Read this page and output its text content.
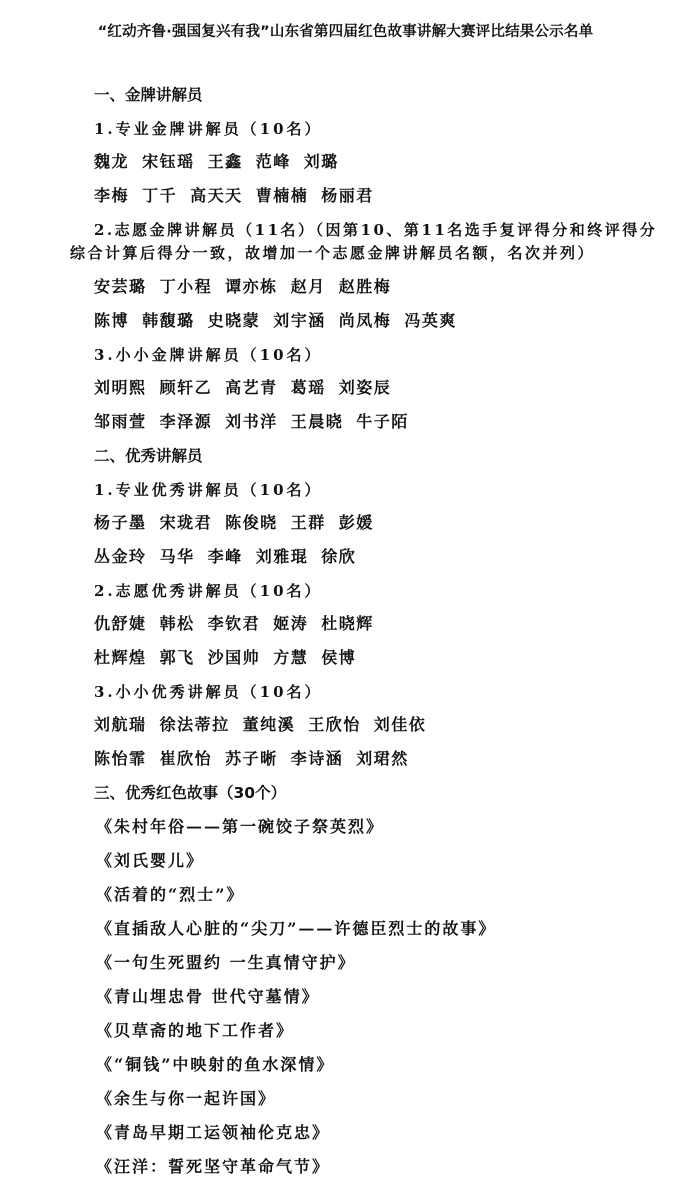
“红动齐鲁·强国复兴有我”山东省第四届红色故事讲解大赛评比结果公示名单
一、金牌讲解员
1.专业金牌讲解员（10名）
魏龙 宋钰瑶 王鑫 范峰 刘璐
李梅 丁千 高天天 曹楠楠 杨丽君
2.志愿金牌讲解员（11名）（因第10、第11名选手复评得分和终评得分综合计算后得分一致，故增加一个志愿金牌讲解员名额，名次并列）
安芸璐 丁小程 谭亦栋 赵月 赵胜梅
陈博 韩馥璐 史晓蒙 刘宇涵 尚凤梅 冯英爽
3.小小金牌讲解员（10名）
刘明熙 顾轩乙 高艺青 葛瑶 刘姿辰
邹雨萱 李泽源 刘书洋 王晨晓 牛子陌
二、优秀讲解员
1.专业优秀讲解员（10名）
杨子墨 宋珑君 陈俊晓 王群 彭媛
丛金玲 马华 李峰 刘雅琨 徐欣
2.志愿优秀讲解员（10名）
仇舒婕 韩松 李钦君 姬涛 杜晓辉
杜辉煌 郭飞 沙国帅 方慧 侯博
3.小小优秀讲解员（10名）
刘航瑞 徐法蒂拉 董纯溪 王欣怡 刘佳依
陈怡霏 崔欣怡 苏子晰 李诗涵 刘珺然
三、优秀红色故事（30个）
《朱村年俗——第一碗饺子祭英烈》
《刘氏婴儿》
《活着的“烈士”》
《直插敌人心脏的“尖刀”——许德臣烈士的故事》
《一句生死盟约 一生真情守护》
《青山埋忠骨 世代守墓情》
《贝草斋的地下工作者》
《“铜钱”中映射的鱼水深情》
《余生与你一起许国》
《青岛早期工运领袖伦克忠》
《汪洋：誓死坚守革命气节》
